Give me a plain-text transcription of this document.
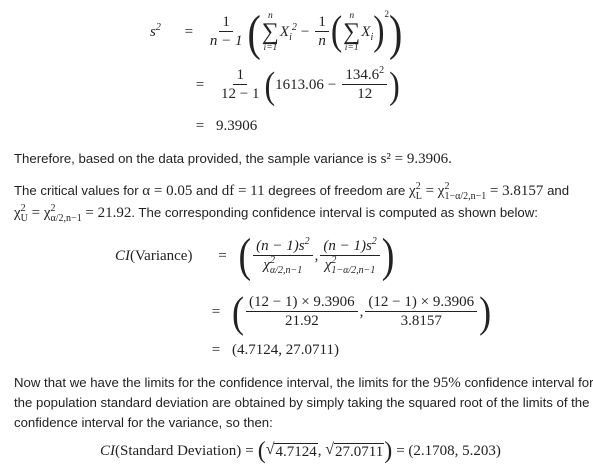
$s^2$	= $\frac{1}{n - 1}$ ( n
∑
i=1
$X_i^2 - \frac{1}{n}$ ( n
∑
i=1
$X_i$ )$^2$ )
= $\frac{1}{12 - 1}$ ( $1613.06 - \frac{134.6^2}{12}$ )
= 9.3906
Therefore, based on the data provided, the sample variance is s² = 9.3906.
The critical values for α = 0.05 and df = 11 degrees of freedom are $\chi^2_L = \chi^2_{1-\alpha/2,n-1} = 3.8157$ and
$\chi^2_U = \chi^2_{\alpha/2,n-1} = 21.92$. The corresponding confidence interval is computed as shown below:
CI(Variance)	= ( $\frac{(n - 1)s^2}{\chi^2_{\alpha/2,n-1}}$ , $\frac{(n - 1)s^2}{\chi^2_{1-\alpha/2,n-1}}$ )
= ( $\frac{(12 - 1) \times 9.3906}{21.92}$ , $\frac{(12 - 1) \times 9.3906}{3.8157}$ )
= (4.7124, 27.0711)
Now that we have the limits for the confidence interval, the limits for the 95% confidence interval for
the population standard deviation are obtained by simply taking the squared root of the limits of the
confidence interval for the variance, so then:
CI (Standard Deviation) = ( √ 4.7124 , √ 27.0711 ) = (2.1708, 5.203)
